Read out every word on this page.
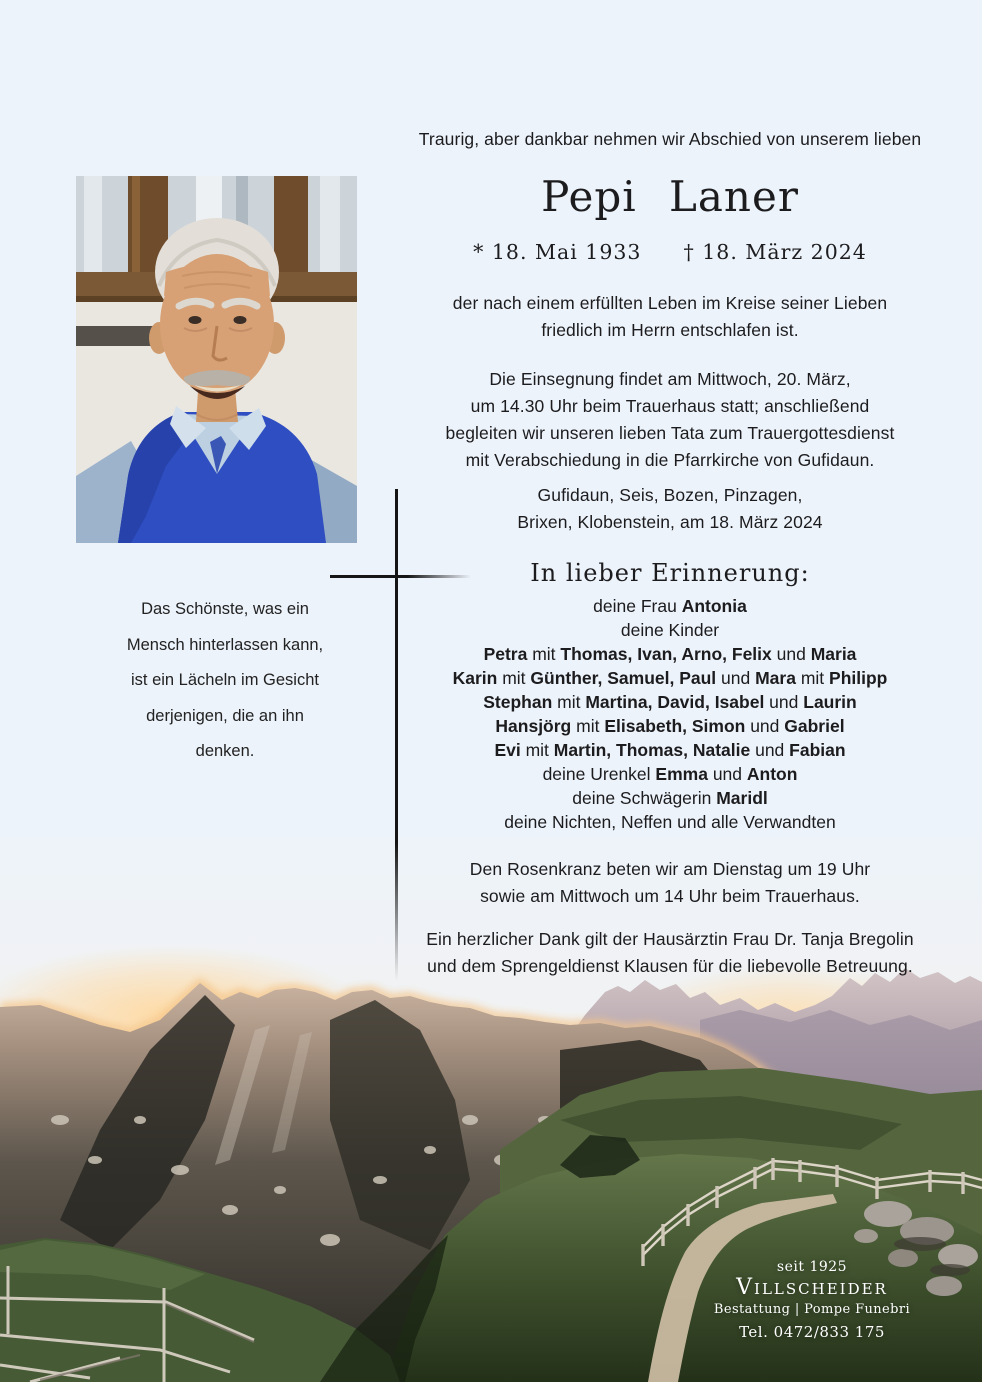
Traurig, aber dankbar nehmen wir Abschied von unserem lieben
Pepi Laner
* 18. Mai 1933 † 18. März 2024
der nach einem erfüllten Leben im Kreise seiner Lieben
friedlich im Herrn entschlafen ist.
Die Einsegnung findet am Mittwoch, 20. März,
um 14.30 Uhr beim Trauerhaus statt; anschließend
begleiten wir unseren lieben Tata zum Trauergottesdienst
mit Verabschiedung in die Pfarrkirche von Gufidaun.
Gufidaun, Seis, Bozen, Pinzagen,
Brixen, Klobenstein, am 18. März 2024
In lieber Erinnerung:
deine Frau Antonia
deine Kinder
Petra mit Thomas, Ivan, Arno, Felix und Maria
Karin mit Günther, Samuel, Paul und Mara mit Philipp
Stephan mit Martina, David, Isabel und Laurin
Hansjörg mit Elisabeth, Simon und Gabriel
Evi mit Martin, Thomas, Natalie und Fabian
deine Urenkel Emma und Anton
deine Schwägerin Maridl
deine Nichten, Neffen und alle Verwandten
Den Rosenkranz beten wir am Dienstag um 19 Uhr
sowie am Mittwoch um 14 Uhr beim Trauerhaus.
Ein herzlicher Dank gilt der Hausärztin Frau Dr. Tanja Bregolin
und dem Sprengeldienst Klausen für die liebevolle Betreuung.
Das Schönste, was ein
Mensch hinterlassen kann,
ist ein Lächeln im Gesicht
derjenigen, die an ihn
denken.
seit 1925
Villscheider
Bestattung | Pompe Funebri
Tel. 0472/833 175
